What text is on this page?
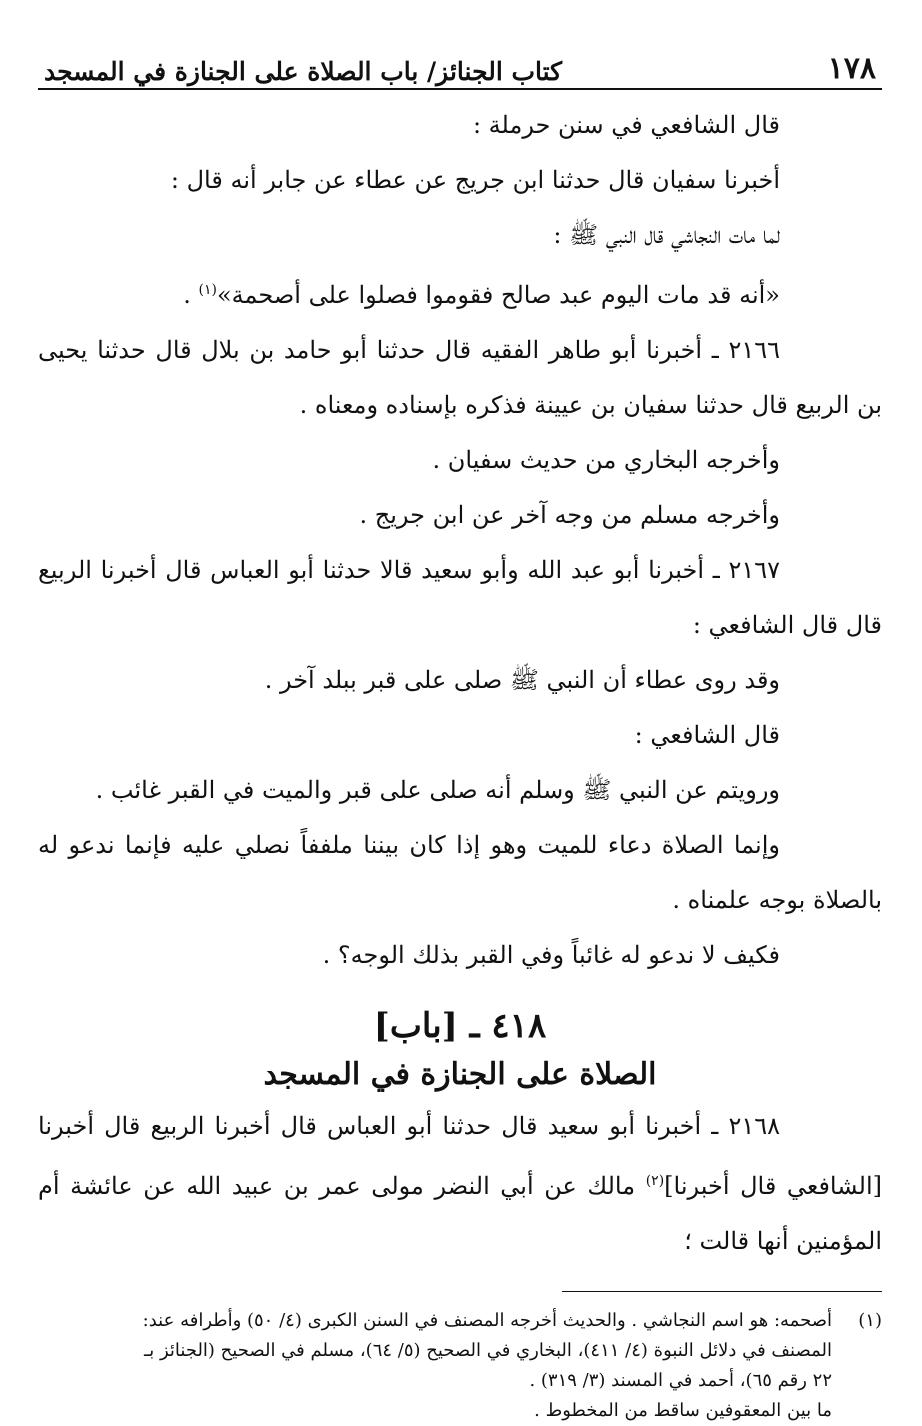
١٧٨
كتاب الجنائز/ باب الصلاة على الجنازة في المسجد

قال الشافعي في سنن حرملة :

أخبرنا سفيان قال حدثنا ابن جريج عن عطاء عن جابر أنه قال :

لما مات النجاشي قال النبي ﷺ :

«أنه قد مات اليوم عبد صالح فقوموا فصلوا على أصحمة»$^{(١)}$ .

٢١٦٦ ـ أخبرنا أبو طاهر الفقيه قال حدثنا أبو حامد بن بلال قال حدثنا يحيى بن الربيع قال حدثنا سفيان بن عيينة فذكره بإسناده ومعناه .

وأخرجه البخاري من حديث سفيان .

وأخرجه مسلم من وجه آخر عن ابن جريج .

٢١٦٧ ـ أخبرنا أبو عبد الله وأبو سعيد قالا حدثنا أبو العباس قال أخبرنا الربيع قال قال الشافعي :

وقد روى عطاء أن النبي ﷺ صلى على قبر ببلد آخر .

قال الشافعي :

ورويتم عن النبي ﷺ وسلم أنه صلى على قبر والميت في القبر غائب .

وإنما الصلاة دعاء للميت وهو إذا كان بيننا ملففاً نصلي عليه فإنما ندعو له بالصلاة بوجه علمناه .

فكيف لا ندعو له غائباً وفي القبر بذلك الوجه؟ .

٤١٨ ـ [باب]
الصلاة على الجنازة في المسجد

٢١٦٨ ـ أخبرنا أبو سعيد قال حدثنا أبو العباس قال أخبرنا الربيع قال أخبرنا [الشافعي قال أخبرنا]$^{(٢)}$ مالك عن أبي النضر مولى عمر بن عبيد الله عن عائشة أم المؤمنين أنها قالت ؛

(١)أصحمه: هو اسم النجاشي . والحديث أخرجه المصنف في السنن الكبرى (٤/ ٥٠) وأطرافه عند:

المصنف في دلائل النبوة (٤/ ٤١١)، البخاري في الصحيح (٥/ ٦٤)، مسلم في الصحيح (الجنائز بـ

٢٢ رقم ٦٥)، أحمد في المسند (٣/ ٣١٩) .

ما بين المعقوفين ساقط من المخطوط .
